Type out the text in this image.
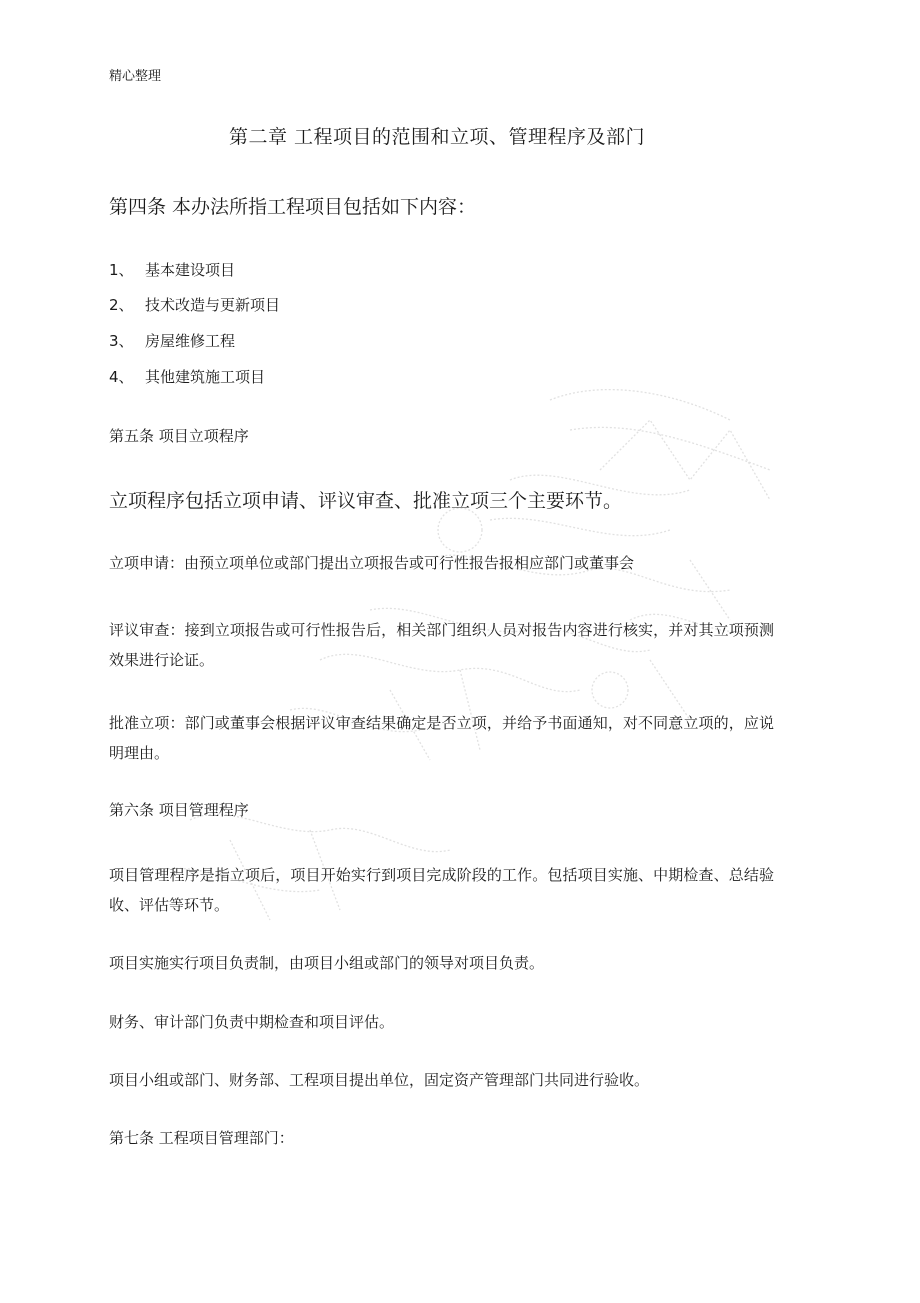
精心整理

第二章 工程项目的范围和立项、管理程序及部门

第四条 本办法所指工程项目包括如下内容：

1、 基本建设项目

2、 技术改造与更新项目

3、 房屋维修工程

4、 其他建筑施工项目

第五条 项目立项程序

立项程序包括立项申请、评议审查、批准立项三个主要环节。

立项申请：由预立项单位或部门提出立项报告或可行性报告报相应部门或董事会

评议审查：接到立项报告或可行性报告后，相关部门组织人员对报告内容进行核实，并对其立项预测效果进行论证。

批准立项：部门或董事会根据评议审查结果确定是否立项，并给予书面通知，对不同意立项的，应说明理由。

第六条 项目管理程序

项目管理程序是指立项后，项目开始实行到项目完成阶段的工作。包括项目实施、中期检查、总结验收、评估等环节。

项目实施实行项目负责制，由项目小组或部门的领导对项目负责。

财务、审计部门负责中期检查和项目评估。

项目小组或部门、财务部、工程项目提出单位，固定资产管理部门共同进行验收。

第七条 工程项目管理部门：
